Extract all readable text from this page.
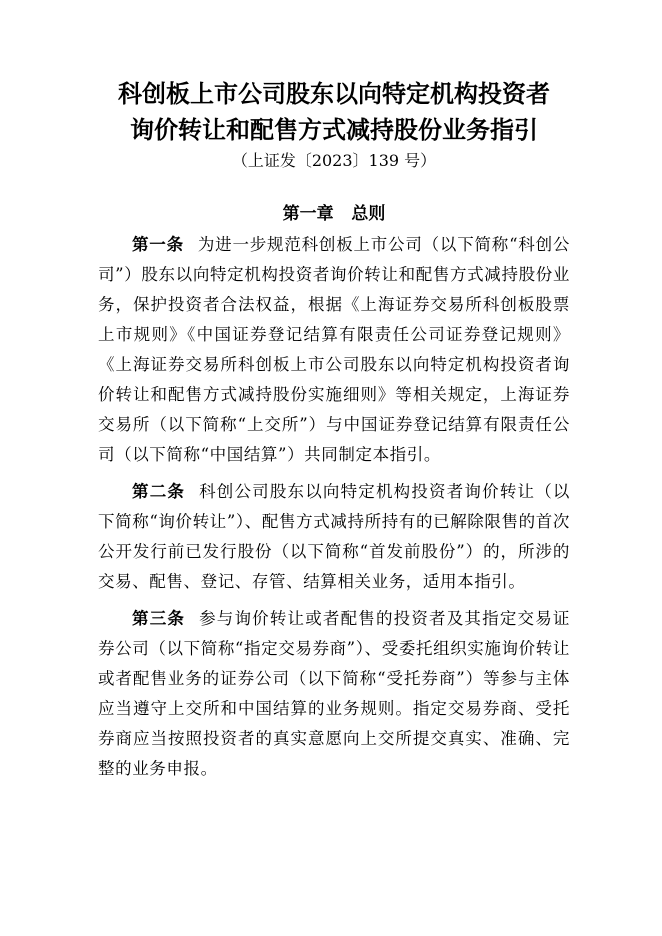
科创板上市公司股东以向特定机构投资者
询价转让和配售方式减持股份业务指引
（上证发〔2023〕139 号）
第一章   总则

第一条 为进一步规范科创板上市公司（以下简称“科创公司”）股东以向特定机构投资者询价转让和配售方式减持股份业务，保护投资者合法权益，根据《上海证券交易所科创板股票上市规则》《中国证券登记结算有限责任公司证券登记规则》《上海证券交易所科创板上市公司股东以向特定机构投资者询价转让和配售方式减持股份实施细则》等相关规定，上海证券交易所（以下简称“上交所”）与中国证券登记结算有限责任公司（以下简称“中国结算”）共同制定本指引。

第二条 科创公司股东以向特定机构投资者询价转让（以下简称“询价转让”）、配售方式减持所持有的已解除限售的首次公开发行前已发行股份（以下简称“首发前股份”）的，所涉的交易、配售、登记、存管、结算相关业务，适用本指引。

第三条 参与询价转让或者配售的投资者及其指定交易证券公司（以下简称“指定交易券商”）、受委托组织实施询价转让或者配售业务的证券公司（以下简称“受托券商”）等参与主体应当遵守上交所和中国结算的业务规则。指定交易券商、受托券商应当按照投资者的真实意愿向上交所提交真实、准确、完整的业务申报。
